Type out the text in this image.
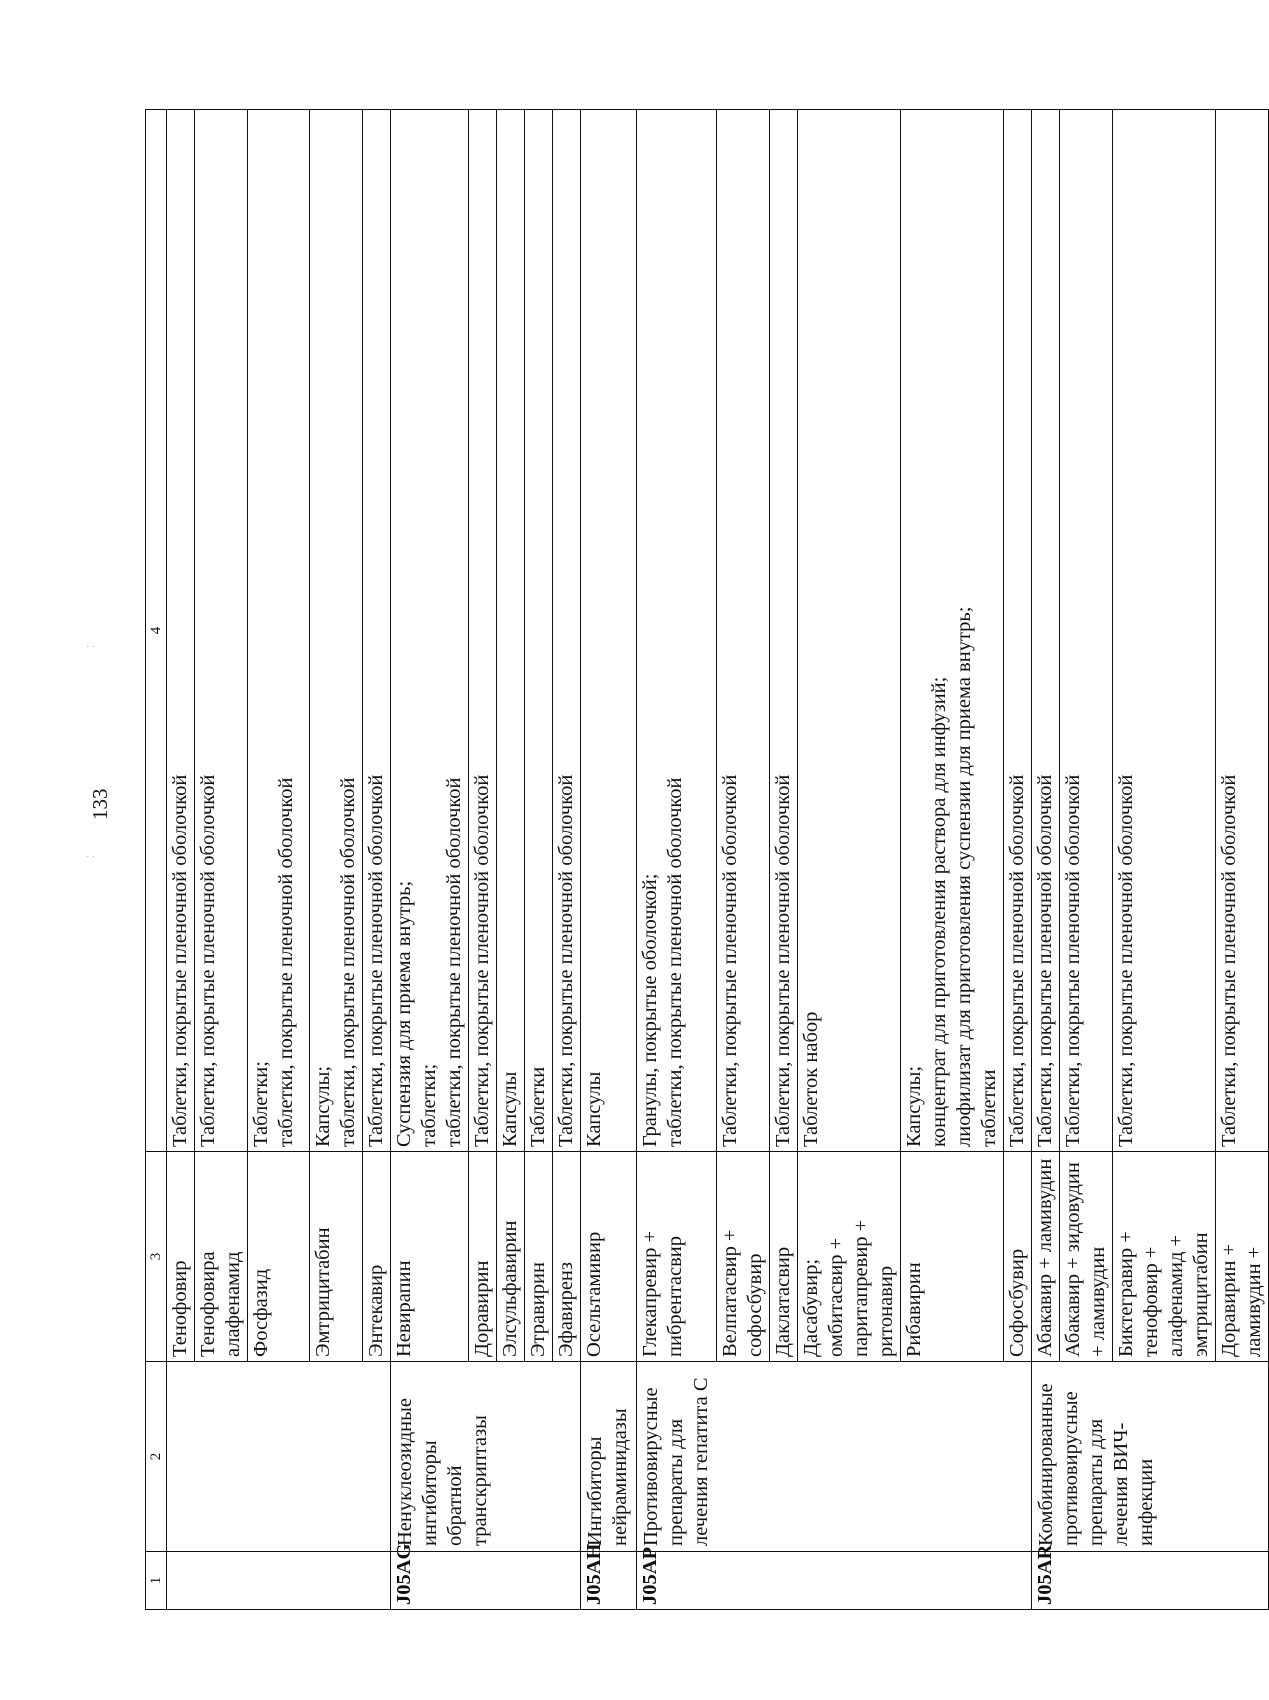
133
· ·
· ·
1	2	3	4
		Тенофовир	Таблетки, покрытые пленочной оболочкой

		Тенофовира алафенамид	Таблетки, покрытые пленочной оболочкой

		Фосфазид	Таблетки; таблетки, покрытые пленочной оболочкой

		Эмтрицитабин	Капсулы; таблетки, покрытые пленочной оболочкой

		Энтекавир	Таблетки, покрытые пленочной оболочкой

J05AG	Ненуклеозидные ингибиторы обратной транскриптазы	Невирапин	Суспензия для приема внутрь; таблетки; таблетки, покрытые пленочной оболочкой

		Доравирин	Таблетки, покрытые пленочной оболочкой

		Элсульфавирин	Капсулы

		Этравирин	Таблетки

		Эфавиренз	Таблетки, покрытые пленочной оболочкой

J05AH	Ингибиторы нейраминидазы	Осельтамивир	Капсулы

J05AP	Противовирусные препараты для лечения гепатита C	Глекапревир + пибрентасвир	Гранулы, покрытые оболочкой; таблетки, покрытые пленочной оболочкой

		Велпатасвир + софосбувир	Таблетки, покрытые пленочной оболочкой

		Даклатасвир	Таблетки, покрытые пленочной оболочкой

		Дасабувир; омбитасвир + паритапревир + ритонавир	Таблеток набор

		Рибавирин	Капсулы; концентрат для приготовления раствора для инфузий; лиофилизат для приготовления суспензии для приема внутрь; таблетки

		Софосбувир	Таблетки, покрытые пленочной оболочкой

J05AR	Комбинированные противовирусные препараты для лечения ВИЧ-инфекции	Абакавир + ламивудин	Таблетки, покрытые пленочной оболочкой

		Абакавир + зидовудин + ламивудин	Таблетки, покрытые пленочной оболочкой

		Биктегравир + тенофовир + алафенамид + эмтрицитабин	Таблетки, покрытые пленочной оболочкой

		Доравирин + ламивудин +	Таблетки, покрытые пленочной оболочкой
